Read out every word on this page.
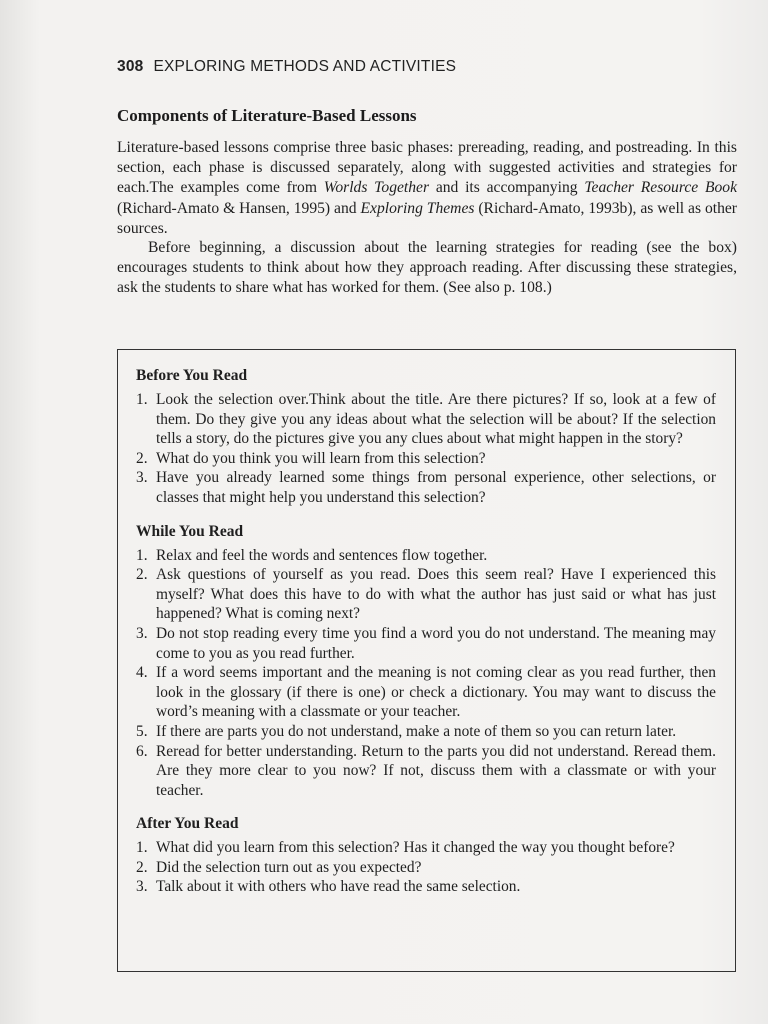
308 EXPLORING METHODS AND ACTIVITIES
Components of Literature-Based Lessons

Literature-based lessons comprise three basic phases: prereading, reading, and postreading. In this section, each phase is discussed separately, along with suggested activities and strategies for each.The examples come from Worlds Together and its accompanying Teacher Resource Book (Richard-Amato & Hansen, 1995) and Exploring Themes (Richard-Amato, 1993b), as well as other sources.

Before beginning, a discussion about the learning strategies for reading (see the box) encourages students to think about how they approach reading. After discussing these strategies, ask the students to share what has worked for them. (See also p. 108.)

Before You Read
1. Look the selection over.Think about the title. Are there pictures? If so, look at a few of them. Do they give you any ideas about what the selection will be about? If the selection tells a story, do the pictures give you any clues about what might happen in the story?
2. What do you think you will learn from this selection?
3. Have you already learned some things from personal experience, other selections, or classes that might help you understand this selection?
While You Read
1. Relax and feel the words and sentences flow together.
2. Ask questions of yourself as you read. Does this seem real? Have I experienced this myself? What does this have to do with what the author has just said or what has just happened? What is coming next?
3. Do not stop reading every time you find a word you do not understand. The meaning may come to you as you read further.
4. If a word seems important and the meaning is not coming clear as you read further, then look in the glossary (if there is one) or check a dictionary. You may want to discuss the word’s meaning with a classmate or your teacher.
5. If there are parts you do not understand, make a note of them so you can return later.
6. Reread for better understanding. Return to the parts you did not understand. Reread them. Are they more clear to you now? If not, discuss them with a classmate or with your teacher.
After You Read
1. What did you learn from this selection? Has it changed the way you thought before?
2. Did the selection turn out as you expected?
3. Talk about it with others who have read the same selection.
